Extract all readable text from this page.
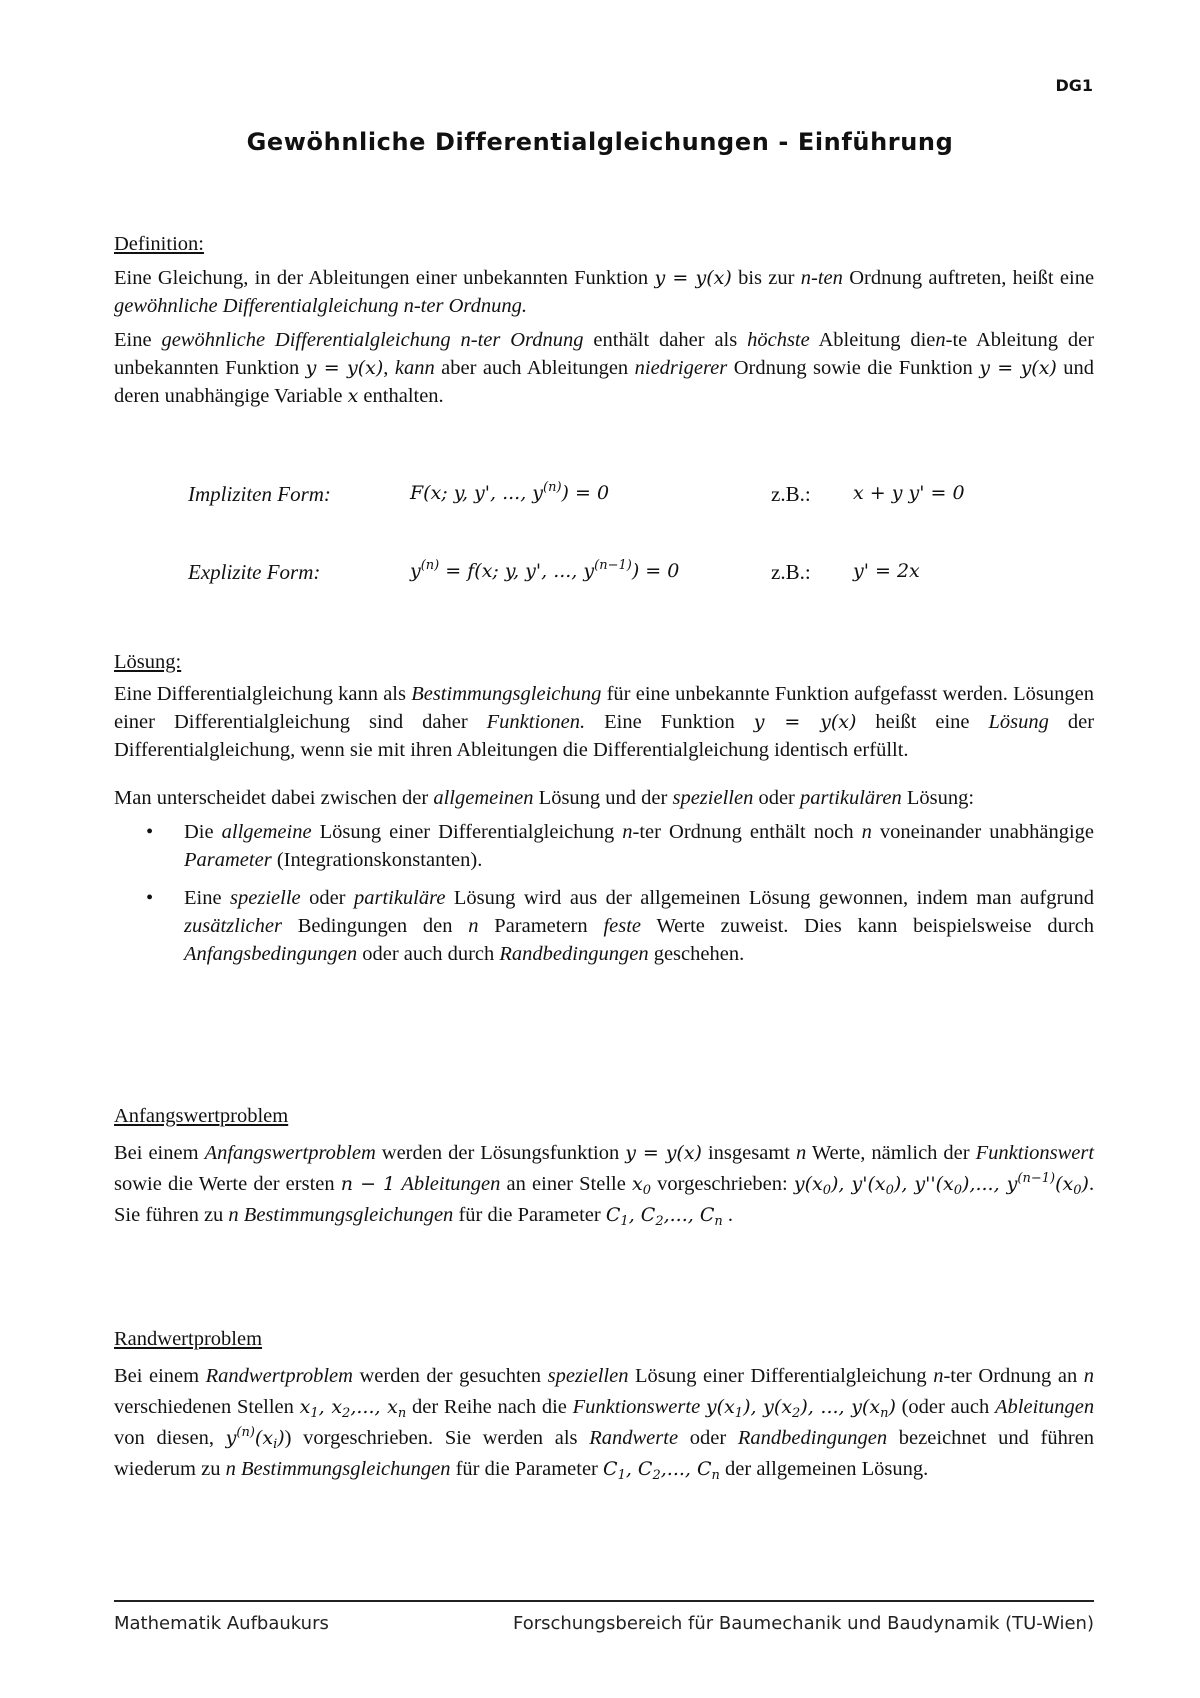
DG1
Gewöhnliche Differentialgleichungen - Einführung

Definition:

Eine Gleichung, in der Ableitungen einer unbekannten Funktion y = y(x) bis zur n-ten Ordnung auftreten, heißt eine gewöhnliche Differentialgleichung n-ter Ordnung.

Eine gewöhnliche Differentialgleichung n-ter Ordnung enthält daher als höchste Ableitung dien-te Ableitung der unbekannten Funktion y = y(x), kann aber auch Ableitungen niedrigerer Ordnung sowie die Funktion y = y(x) und deren unabhängige Variable x enthalten.

Impliziten Form:	F(x; y, y', ..., $y^{(n)}) = 0$	z.B.: x + y y' = 0
Explizite Form:	$y^{(n)} = f(x$; y, y', ..., $y^{(n-1)}) = 0$	z.B.: y' = 2x

Lösung:

Eine Differentialgleichung kann als Bestimmungsgleichung für eine unbekannte Funktion aufgefasst werden. Lösungen einer Differentialgleichung sind daher Funktionen. Eine Funktion y = y(x) heißt eine Lösung der Differentialgleichung, wenn sie mit ihren Ableitungen die Differentialgleichung identisch erfüllt.

Man unterscheidet dabei zwischen der allgemeinen Lösung und der speziellen oder partikulären Lösung:

• Die allgemeine Lösung einer Differentialgleichung n-ter Ordnung enthält noch n voneinander unabhängige Parameter (Integrationskonstanten).
• Eine spezielle oder partikuläre Lösung wird aus der allgemeinen Lösung gewonnen, indem man aufgrund zusätzlicher Bedingungen den n Parametern feste Werte zuweist. Dies kann beispielsweise durch Anfangsbedingungen oder auch durch Randbedingungen geschehen.

Anfangswertproblem

Bei einem Anfangswertproblem werden der Lösungsfunktion y = y(x) insgesamt n Werte, nämlich der Funktionswert sowie die Werte der ersten n − 1 Ableitungen an einer Stelle $x_0$ vorgeschrieben: $y(x_0)$, $y'(x_0)$, $y''(x_0)$,..., $y^{(n-1)}(x_0)$. Sie führen zu n Bestimmungsgleichungen für die Parameter $C_1$, $C_2$,..., $C_n$ .

Randwertproblem

Bei einem Randwertproblem werden der gesuchten speziellen Lösung einer Differentialgleichung n-ter Ordnung an n verschiedenen Stellen $x_1$, $x_2$,..., $x_n$ der Reihe nach die Funktionswerte $y(x_1)$, $y(x_2)$, ..., $y(x_n)$ (oder auch Ableitungen von diesen, $y^{(n)}(x_i)$) vorgeschrieben. Sie werden als Randwerte oder Randbedingungen bezeichnet und führen wiederum zu n Bestimmungsgleichungen für die Parameter $C_1$, $C_2$,..., $C_n$ der allgemeinen Lösung.

Mathematik Aufbaukurs	Forschungsbereich für Baumechanik und Baudynamik (TU-Wien)
